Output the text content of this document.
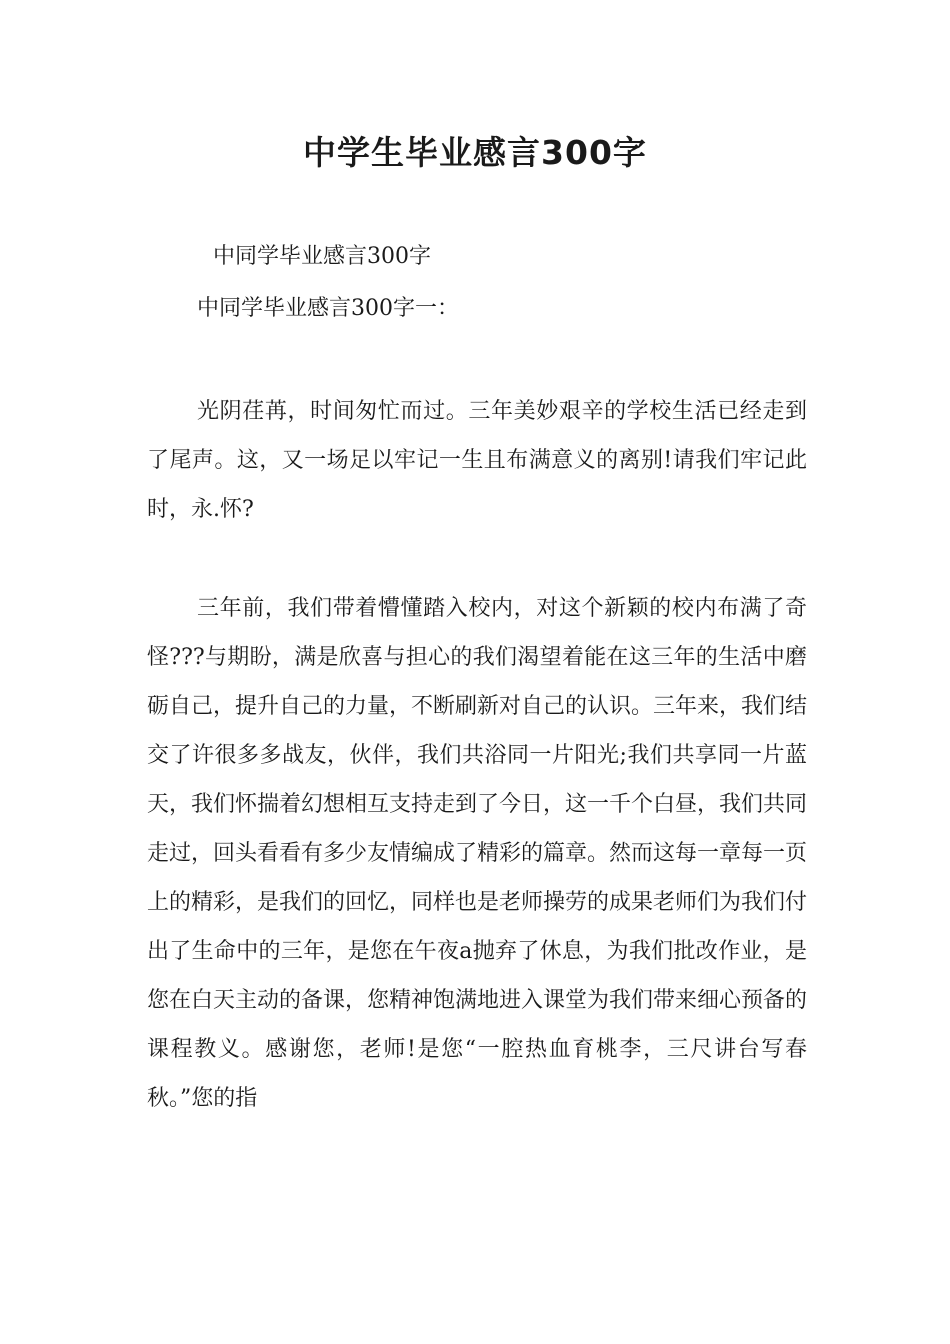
中学生毕业感言300字

中同学毕业感言300字

中同学毕业感言300字一：

光阴荏苒，时间匆忙而过。三年美妙艰辛的学校生活已经走到了尾声。这，又一场足以牢记一生且布满意义的离别!请我们牢记此时，永.怀?

三年前，我们带着懵懂踏入校内，对这个新颖的校内布满了奇怪???与期盼，满是欣喜与担心的我们渴望着能在这三年的生活中磨砺自己，提升自己的力量，不断刷新对自己的认识。三年来，我们结交了许很多多战友，伙伴，我们共浴同一片阳光;我们共享同一片蓝天，我们怀揣着幻想相互支持走到了今日，这一千个白昼，我们共同走过，回头看看有多少友情编成了精彩的篇章。然而这每一章每一页上的精彩，是我们的回忆，同样也是老师操劳的成果老师们为我们付出了生命中的三年，是您在午夜a抛弃了休息，为我们批改作业，是您在白天主动的备课，您精神饱满地进入课堂为我们带来细心预备的课程教义。感谢您，老师!是您“一腔热血育桃李，三尺讲台写春秋。”您的指
